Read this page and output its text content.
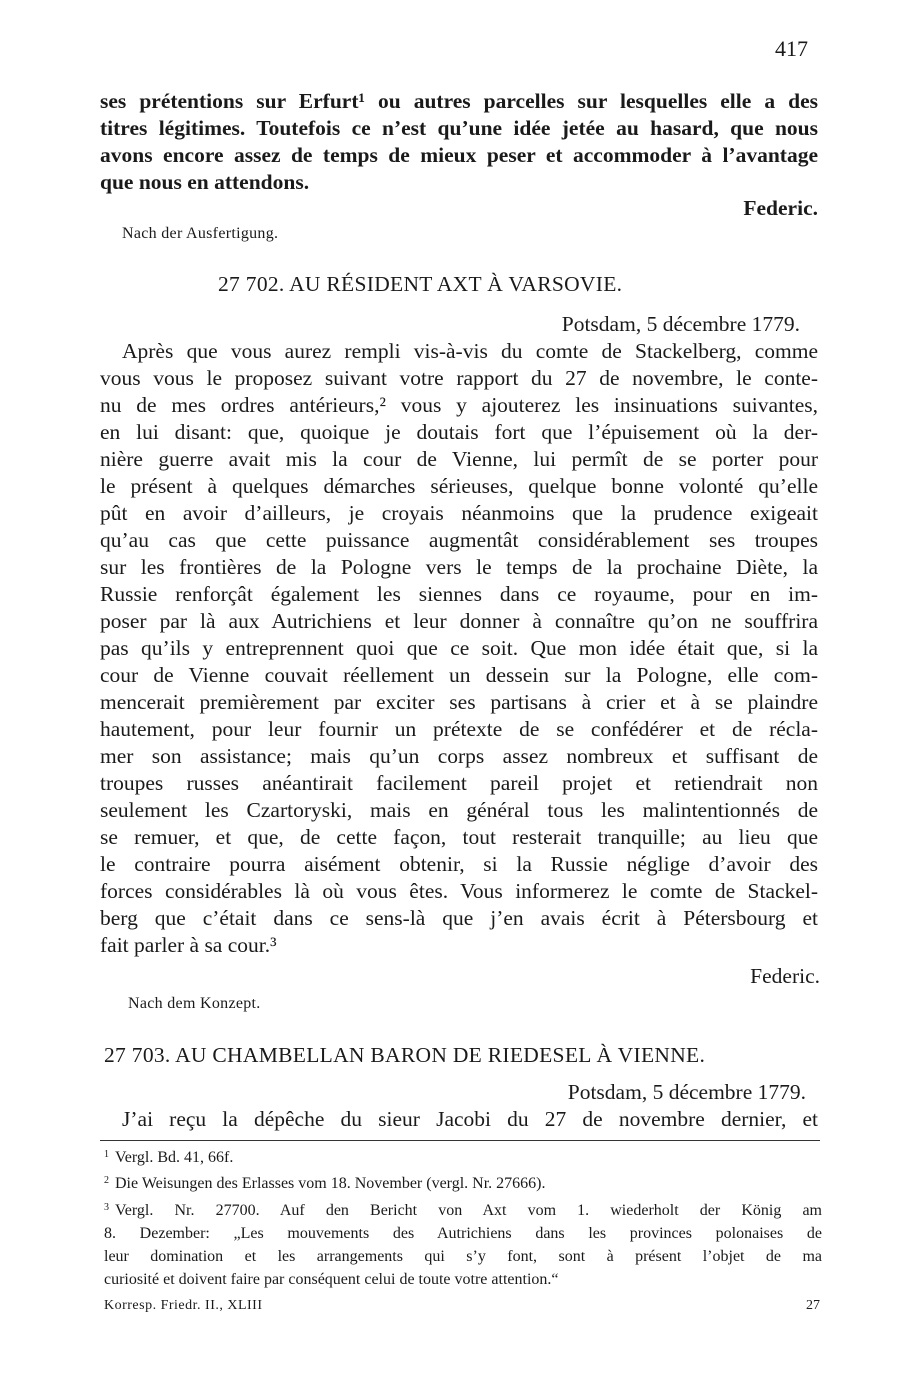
417
ses prétentions sur Erfurt¹ ou autres parcelles sur lesquelles elle a des
titres légitimes. Toutefois ce n’est qu’une idée jetée au hasard, que nous
avons encore assez de temps de mieux peser et accommoder à l’avantage
que nous en attendons.
Federic.
Nach der Ausfertigung.
27 702. AU RÉSIDENT AXT À VARSOVIE.
Potsdam, 5 décembre 1779.
Après que vous aurez rempli vis-à-vis du comte de Stackelberg, comme
vous vous le proposez suivant votre rapport du 27 de novembre, le conte-
nu de mes ordres antérieurs,² vous y ajouterez les insinuations suivantes,
en lui disant: que, quoique je doutais fort que l’épuisement où la der-
nière guerre avait mis la cour de Vienne, lui permît de se porter pour
le présent à quelques démarches sérieuses, quelque bonne volonté qu’elle
pût en avoir d’ailleurs, je croyais néanmoins que la prudence exigeait
qu’au cas que cette puissance augmentât considérablement ses troupes
sur les frontières de la Pologne vers le temps de la prochaine Diète, la
Russie renforçât également les siennes dans ce royaume, pour en im-
poser par là aux Autrichiens et leur donner à connaître qu’on ne souffrira
pas qu’ils y entreprennent quoi que ce soit. Que mon idée était que, si la
cour de Vienne couvait réellement un dessein sur la Pologne, elle com-
mencerait premièrement par exciter ses partisans à crier et à se plaindre
hautement, pour leur fournir un prétexte de se confédérer et de récla-
mer son assistance; mais qu’un corps assez nombreux et suffisant de
troupes russes anéantirait facilement pareil projet et retiendrait non
seulement les Czartoryski, mais en général tous les malintentionnés de
se remuer, et que, de cette façon, tout resterait tranquille; au lieu que
le contraire pourra aisément obtenir, si la Russie néglige d’avoir des
forces considérables là où vous êtes. Vous informerez le comte de Stackel-
berg que c’était dans ce sens-là que j’en avais écrit à Pétersbourg et
fait parler à sa cour.³
Federic.
Nach dem Konzept.
27 703. AU CHAMBELLAN BARON DE RIEDESEL À VIENNE.
Potsdam, 5 décembre 1779.
J’ai reçu la dépêche du sieur Jacobi du 27 de novembre dernier, et
$^1$ Vergl. Bd. 41, 66f.
$^2$ Die Weisungen des Erlasses vom 18. November (vergl. Nr. 27666).
$^3$ Vergl. Nr. 27700. Auf den Bericht von Axt vom 1. wiederholt der König am
8. Dezember: „Les mouvements des Autrichiens dans les provinces polonaises de
leur domination et les arrangements qui s’y font, sont à présent l’objet de ma
curiosité et doivent faire par conséquent celui de toute votre attention.“
Korresp. Friedr. II., XLIII	27
